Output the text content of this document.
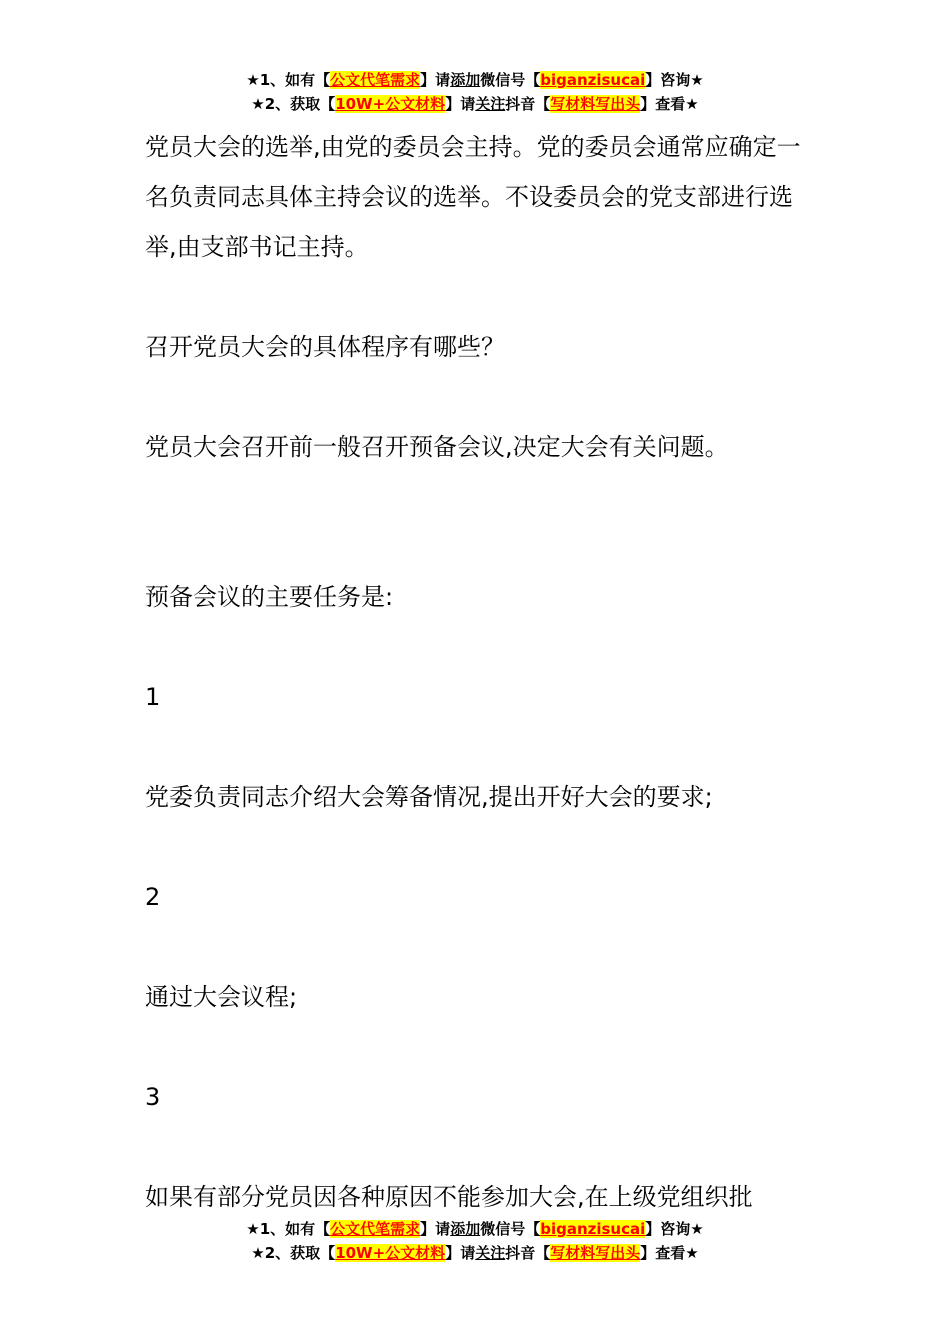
★1、如有【公文代笔需求】请添加微信号【biganzisucai】咨询★
★2、获取【10W+公文材料】请关注抖音【写材料写出头】查看★

党员大会的选举,由党的委员会主持。党的委员会通常应确定一名负责同志具体主持会议的选举。不设委员会的党支部进行选举,由支部书记主持。

召开党员大会的具体程序有哪些？

党员大会召开前一般召开预备会议,决定大会有关问题。

预备会议的主要任务是:

1

党委负责同志介绍大会筹备情况,提出开好大会的要求;

2

通过大会议程;

3

如果有部分党员因各种原因不能参加大会,在上级党组织批

★1、如有【公文代笔需求】请添加微信号【biganzisucai】咨询★
★2、获取【10W+公文材料】请关注抖音【写材料写出头】查看★
